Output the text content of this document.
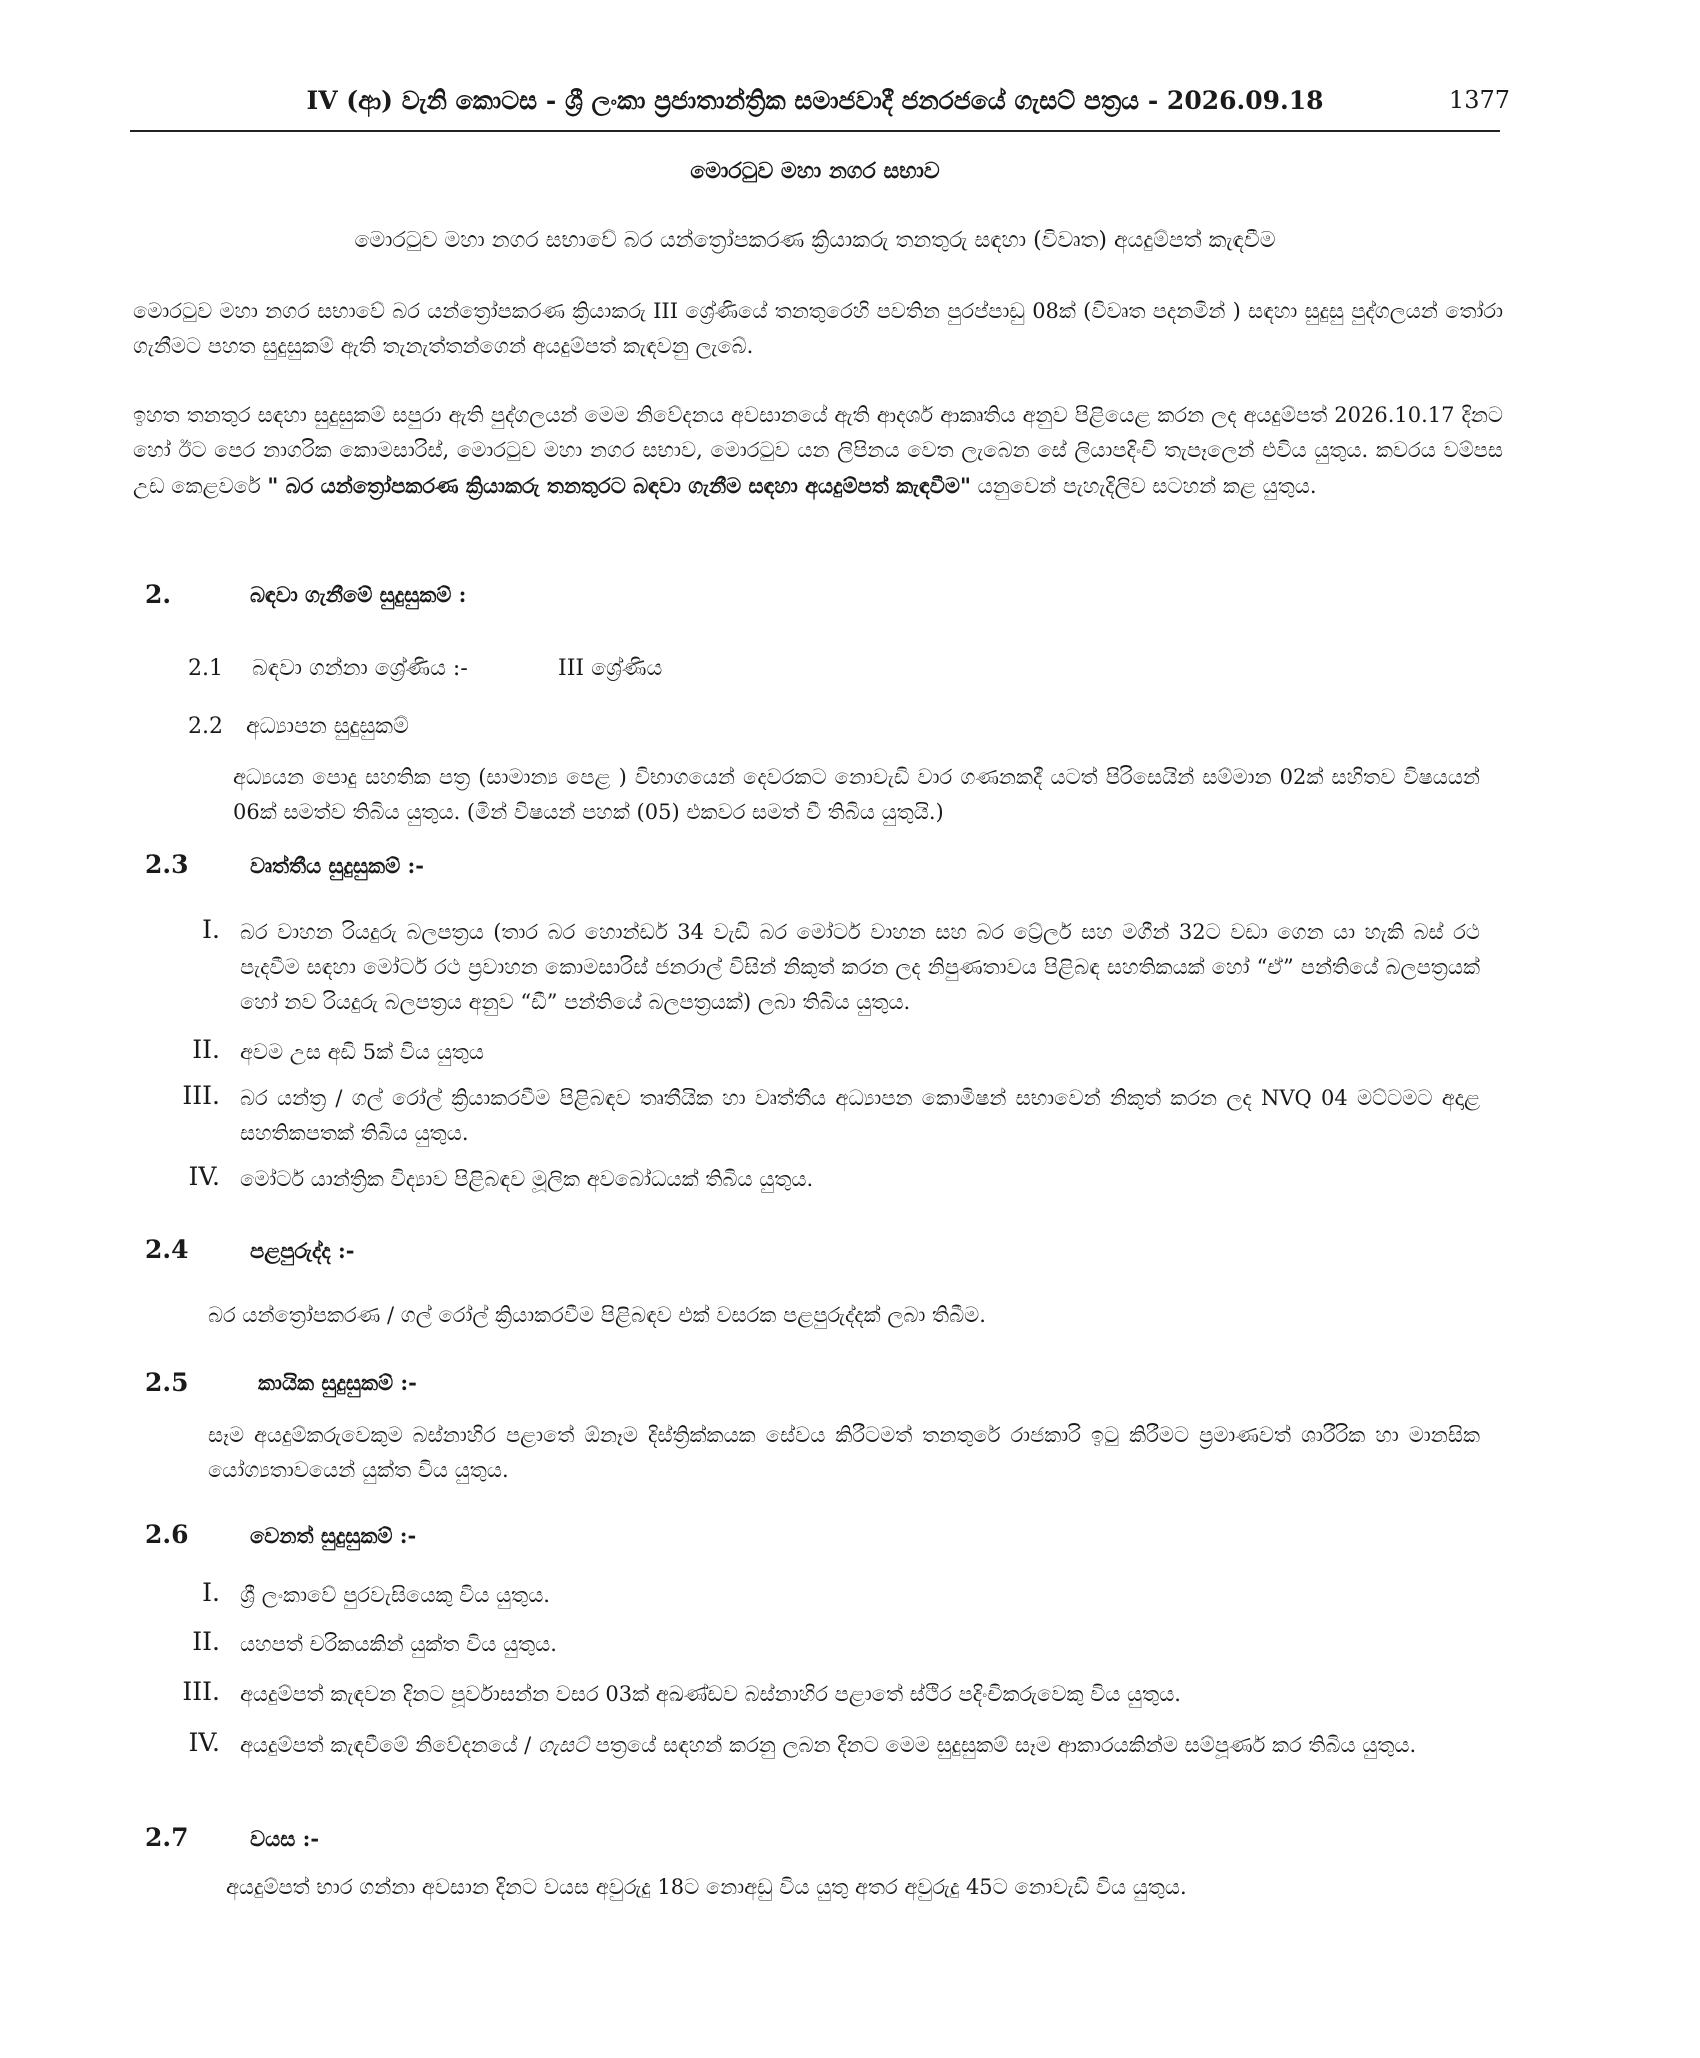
IV (ආ) වැනි කොටස - ශ්‍රී ලංකා ප්‍රජාතාන්ත්‍රික සමාජවාදී ජනරජයේ ගැසට් පත්‍රය - 2026.09.18	1377
මොරටුව මහා නගර සභාව
මොරටුව මහා නගර සභාවේ බර යන්ත්‍රෝපකරණ ක්‍රියාකරු තනතුරු සඳහා (විවෘත) අයදුම්පත් කැඳවීම
මොරටුව මහා නගර සභාවේ බර යන්ත්‍රෝපකරණ ක්‍රියාකරු III ශ්‍රේණියේ තනතුරෙහි පවතින පුරප්පාඩු 08ක් (විවෘත පදනමින් ) සඳහා සුදුසු පුද්ගලයන් තෝරා ගැනීමට පහත සුදුසුකම් ඇති තැනැත්තන්ගෙන් අයදුම්පත් කැඳවනු ලැබේ.
ඉහත තනතුර සඳහා සුදුසුකම් සපුරා ඇති පුද්ගලයන් මෙම නිවේදනය අවසානයේ ඇති ආදර්ශ ආකෘතිය අනුව පිළියෙළ කරන ලද අයදුම්පත් 2026.10.17 දිනට හෝ ඊට පෙර නාගරික කොමසාරිස්, මොරටුව මහා නගර සභාව, මොරටුව යන ලිපිනය වෙත ලැබෙන සේ ලියාපදිංචි තැපෑලෙන් එවිය යුතුය. කවරය වම්පස උඩ කෙළවරේ " බර යන්ත්‍රෝපකරණ ක්‍රියාකරු තනතුරට බඳවා ගැනීම සඳහා අයදුම්පත් කැඳවීම" යනුවෙන් පැහැදිලිව සටහන් කළ යුතුය.
2.	බඳවා ගැනීමේ සුදුසුකම් :
2.1 බඳවා ගන්නා ශ්‍රේණිය :-	III ශ්‍රේණිය
2.2 අධ්‍යාපන සුදුසුකම්
අධ්‍යයන පොදු සහතික පත්‍ර (සාමාන්‍ය පෙළ ) විභාගයෙන් දෙවරකට නොවැඩි වාර ගණනකදී යටත් පිරිසෙයින් සම්මාන 02ක් සහිතව විෂයයන් 06ක් සමත්ව තිබිය යුතුය. (මින් විෂයන් පහක් (05) එකවර සමත් වී තිබිය යුතුයි.)
2.3	වෘත්තීය සුදුසුකම් :-
I. බර වාහන රියදුරු බලපත්‍රය (තාර බර හොන්ඩර් 34 වැඩි බර මෝටර් වාහන සහ බර ට්‍රේලර් සහ මගීන් 32ට වඩා ගෙන යා හැකි බස් රථ පැදවීම සඳහා මෝටර් රථ ප්‍රවාහන කොමසාරිස් ජනරාල් විසින් නිකුත් කරන ලද නිපුණතාවය පිළිබඳ සහතිකයක් හෝ “ඒ” පන්තියේ බලපත්‍රයක් හෝ නව රියදුරු බලපත්‍රය අනුව “ඩී” පන්තියේ බලපත්‍රයක්) ලබා තිබිය යුතුය.
II. අවම උස අඩි 5ක් විය යුතුය
III. බර යන්ත්‍ර / ගල් රෝල් ක්‍රියාකරවීම පිළිබඳව තෘතීයික හා වෘත්තීය අධ්‍යාපන කොමිෂන් සභාවෙන් නිකුත් කරන ලද NVQ 04 මට්ටමට අදාළ සහතිකපතක් තිබිය යුතුය.
IV. මෝටර් යාන්ත්‍රික විද්‍යාව පිළිබඳව මූලික අවබෝධයක් තිබිය යුතුය.
2.4	පළපුරුද්ද :-
බර යන්ත්‍රෝපකරණ / ගල් රෝල් ක්‍රියාකරවීම පිළිබඳව එක් වසරක පළපුරුද්දක් ලබා තිබීම.
2.5	කායික සුදුසුකම් :-
සෑම අයදුම්කරුවෙකුම බස්නාහිර පළාතේ ඕනෑම දිස්ත්‍රික්කයක සේවය කිරීටමත් තනතුරේ රාජකාරි ඉටු කිරීමට ප්‍රමාණවත් ශාරීරික හා මානසික යෝග්‍යතාවයෙන් යුක්ත විය යුතුය.
2.6	වෙනත් සුදුසුකම් :-
I. ශ්‍රී ලංකාවේ පුරවැසියෙකු විය යුතුය.
II. යහපත් චරිකයකින් යුක්ත විය යුතුය.
III. අයදුම්පත් කැඳවන දිනට පූර්වාසන්න වසර 03ක් අඛණ්ඩව බස්නාහිර පළාතේ ස්ථිර පදිංචිකරුවෙකු විය යුතුය.
IV. අයදුම්පත් කැඳවීමේ නිවේදනයේ / ගැසට් පත්‍රයේ සඳහන් කරනු ලබන දිනට මෙම සුදුසුකම් සෑම ආකාරයකින්ම සම්පූර්ණ කර තිබිය යුතුය.
2.7	වයස :-
අයදුම්පත් භාර ගන්නා අවසාන දිනට වයස අවුරුදු 18ට නොඅඩු විය යුතු අතර අවුරුදු 45ට නොවැඩි විය යුතුය.
